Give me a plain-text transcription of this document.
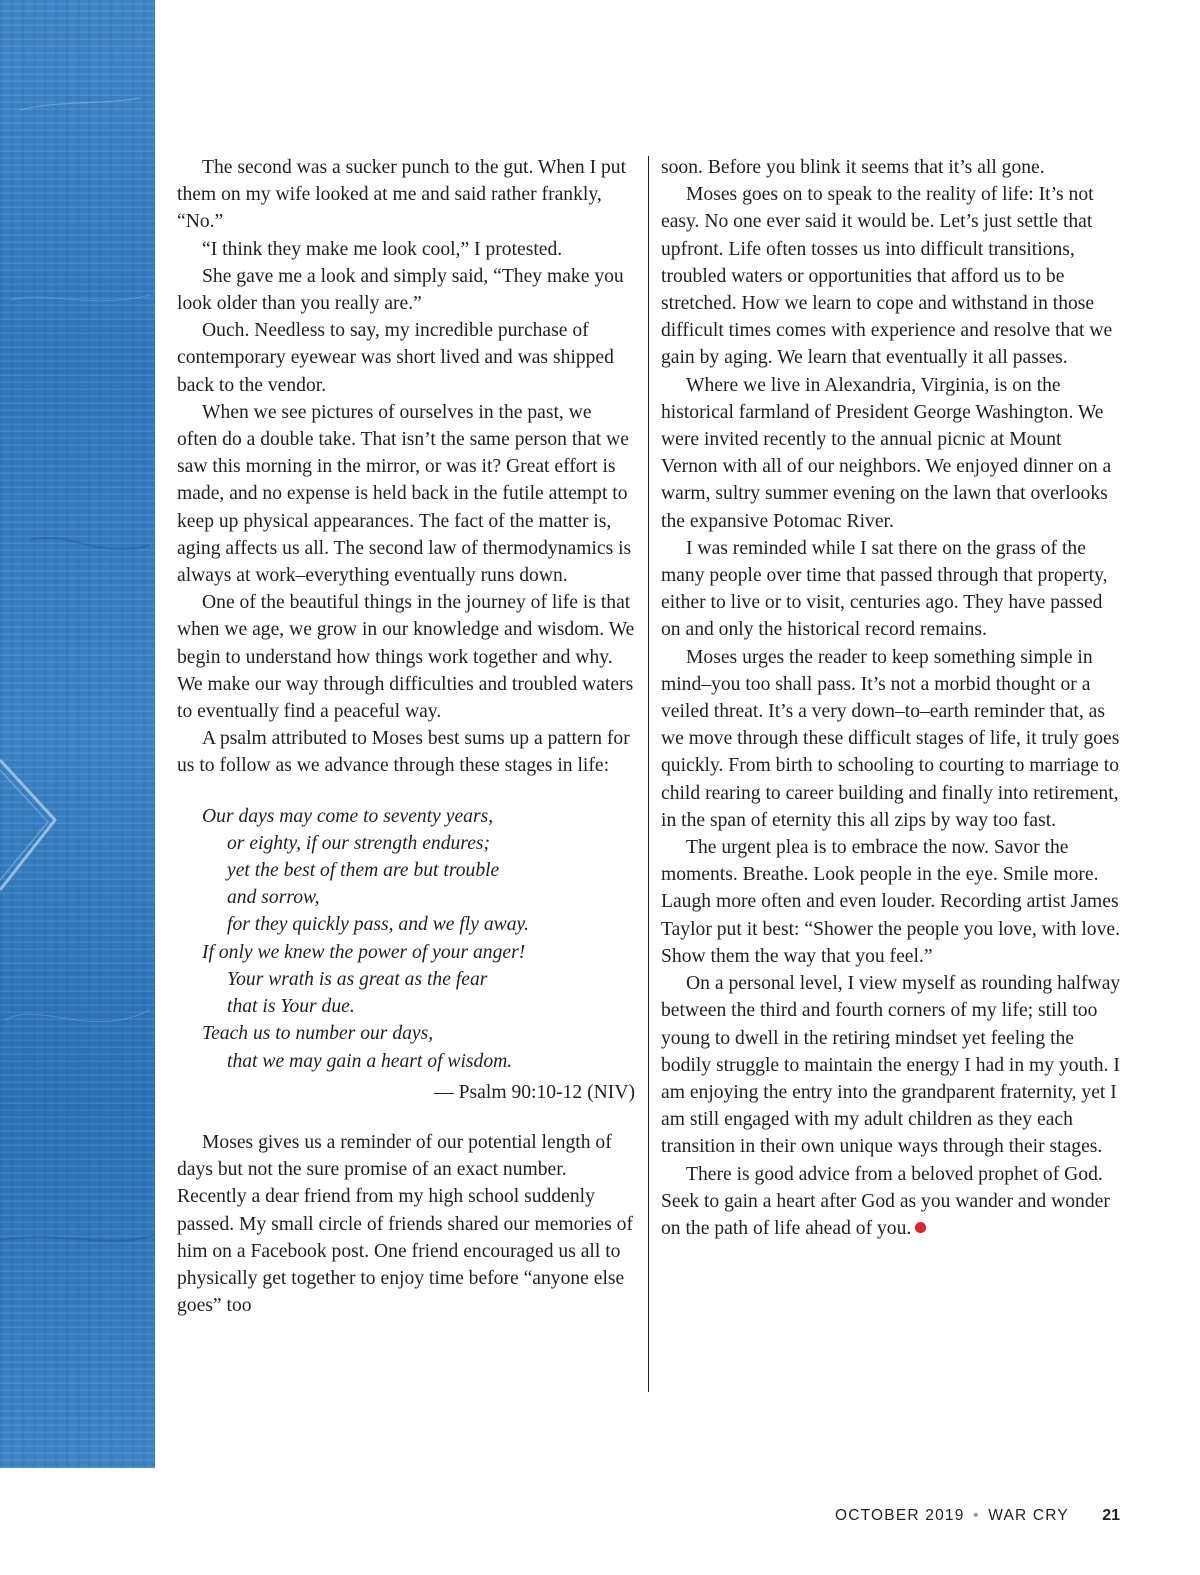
The second was a sucker punch to the gut. When I put them on my wife looked at me and said rather frankly, “No.”

“I think they make me look cool,” I protested.

She gave me a look and simply said, “They make you look older than you really are.”

Ouch. Needless to say, my incredible purchase of contemporary eyewear was short lived and was shipped back to the vendor.

When we see pictures of ourselves in the past, we often do a double take. That isn’t the same person that we saw this morning in the mirror, or was it? Great effort is made, and no expense is held back in the futile attempt to keep up physical appearances. The fact of the matter is, aging affects us all. The second law of thermodynamics is always at work–everything eventually runs down.

One of the beautiful things in the journey of life is that when we age, we grow in our knowledge and wisdom. We begin to understand how things work together and why. We make our way through difficulties and troubled waters to eventually find a peaceful way.

A psalm attributed to Moses best sums up a pattern for us to follow as we advance through these stages in life:

Our days may come to seventy years,
or eighty, if our strength endures;
yet the best of them are but trouble
and sorrow,
for they quickly pass, and we fly away.
If only we knew the power of your anger!
Your wrath is as great as the fear
that is Your due.
Teach us to number our days,
that we may gain a heart of wisdom.
— Psalm 90:10-12 (NIV)

Moses gives us a reminder of our potential length of days but not the sure promise of an exact number. Recently a dear friend from my high school suddenly passed. My small circle of friends shared our memories of him on a Facebook post. One friend encouraged us all to physically get together to enjoy time before “anyone else goes” too

soon. Before you blink it seems that it’s all gone.

Moses goes on to speak to the reality of life: It’s not easy. No one ever said it would be. Let’s just settle that upfront. Life often tosses us into difficult transitions, troubled waters or opportunities that afford us to be stretched. How we learn to cope and withstand in those difficult times comes with experience and resolve that we gain by aging. We learn that eventually it all passes.

Where we live in Alexandria, Virginia, is on the historical farmland of President George Washington. We were invited recently to the annual picnic at Mount Vernon with all of our neighbors. We enjoyed dinner on a warm, sultry summer evening on the lawn that overlooks the expansive Potomac River.

I was reminded while I sat there on the grass of the many people over time that passed through that property, either to live or to visit, centuries ago. They have passed on and only the historical record remains.

Moses urges the reader to keep something simple in mind–you too shall pass. It’s not a morbid thought or a veiled threat. It’s a very down–to–earth reminder that, as we move through these difficult stages of life, it truly goes quickly. From birth to schooling to courting to marriage to child rearing to career building and finally into retirement, in the span of eternity this all zips by way too fast.

The urgent plea is to embrace the now. Savor the moments. Breathe. Look people in the eye. Smile more. Laugh more often and even louder. Recording artist James Taylor put it best: “Shower the people you love, with love. Show them the way that you feel.”

On a personal level, I view myself as rounding halfway between the third and fourth corners of my life; still too young to dwell in the retiring mindset yet feeling the bodily struggle to maintain the energy I had in my youth. I am enjoying the entry into the grandparent fraternity, yet I am still engaged with my adult children as they each transition in their own unique ways through their stages.

There is good advice from a beloved prophet of God. Seek to gain a heart after God as you wander and wonder on the path of life ahead of you.

OCTOBER 2019 • WAR CRY 21
